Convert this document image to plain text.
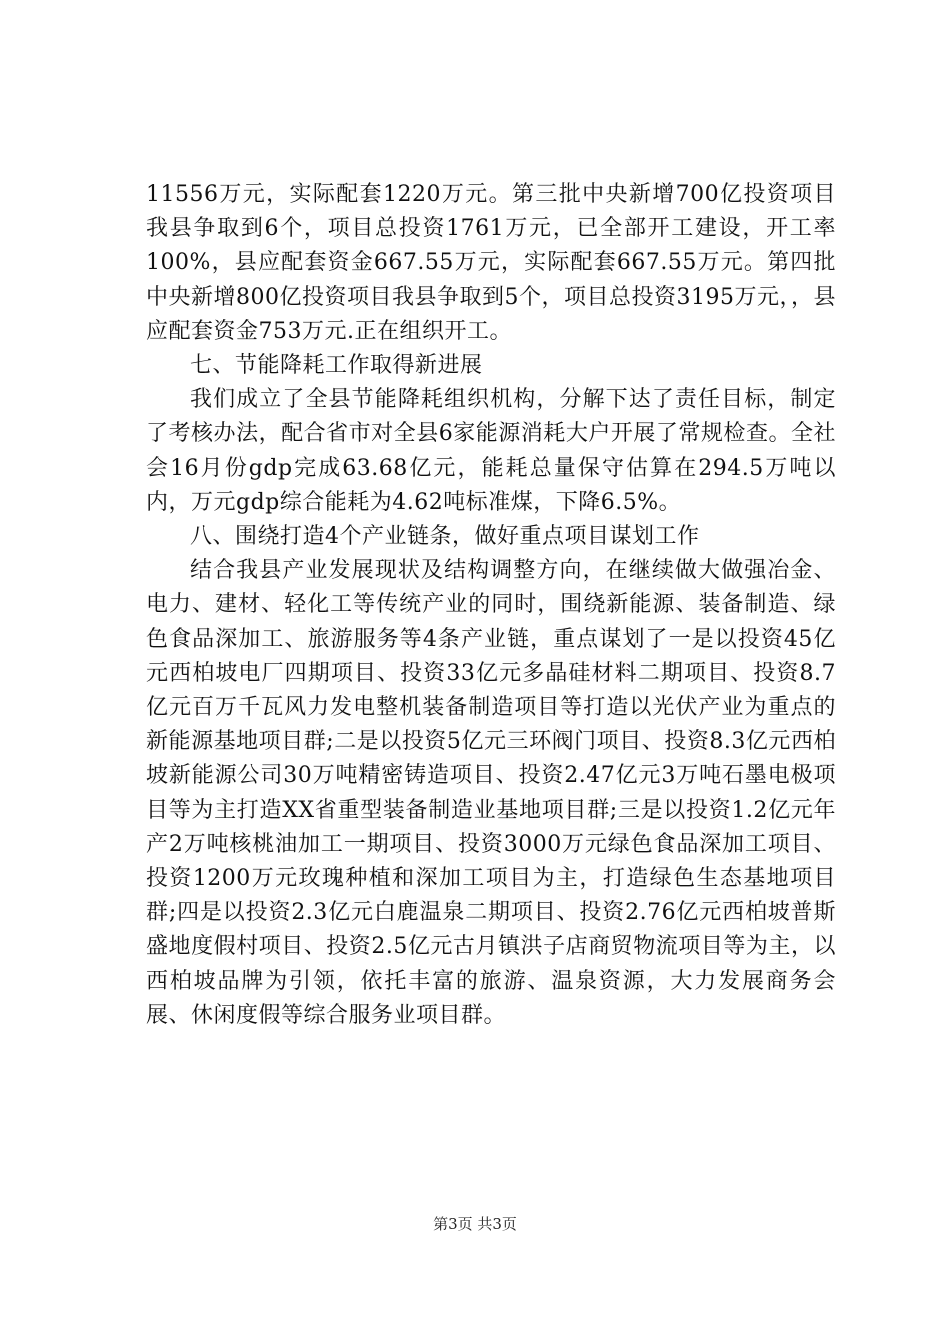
11556万元，实际配套1220万元。第三批中央新增700亿投资项目我县争取到6个，项目总投资1761万元，已全部开工建设，开工率100%，县应配套资金667.55万元，实际配套667.55万元。第四批中央新增800亿投资项目我县争取到5个，项目总投资3195万元，，县应配套资金753万元.正在组织开工。

七、节能降耗工作取得新进展

我们成立了全县节能降耗组织机构，分解下达了责任目标，制定了考核办法，配合省市对全县6家能源消耗大户开展了常规检查。全社会16月份gdp完成63.68亿元，能耗总量保守估算在294.5万吨以内，万元gdp综合能耗为4.62吨标准煤，下降6.5%。

八、围绕打造4个产业链条，做好重点项目谋划工作

结合我县产业发展现状及结构调整方向，在继续做大做强冶金、电力、建材、轻化工等传统产业的同时，围绕新能源、装备制造、绿色食品深加工、旅游服务等4条产业链，重点谋划了一是以投资45亿元西柏坡电厂四期项目、投资33亿元多晶硅材料二期项目、投资8.7亿元百万千瓦风力发电整机装备制造项目等打造以光伏产业为重点的新能源基地项目群;二是以投资5亿元三环阀门项目、投资8.3亿元西柏坡新能源公司30万吨精密铸造项目、投资2.47亿元3万吨石墨电极项目等为主打造XX省重型装备制造业基地项目群;三是以投资1.2亿元年产2万吨核桃油加工一期项目、投资3000万元绿色食品深加工项目、投资1200万元玫瑰种植和深加工项目为主，打造绿色生态基地项目群;四是以投资2.3亿元白鹿温泉二期项目、投资2.76亿元西柏坡普斯盛地度假村项目、投资2.5亿元古月镇洪子店商贸物流项目等为主，以西柏坡品牌为引领，依托丰富的旅游、温泉资源，大力发展商务会展、休闲度假等综合服务业项目群。

第3页 共3页
